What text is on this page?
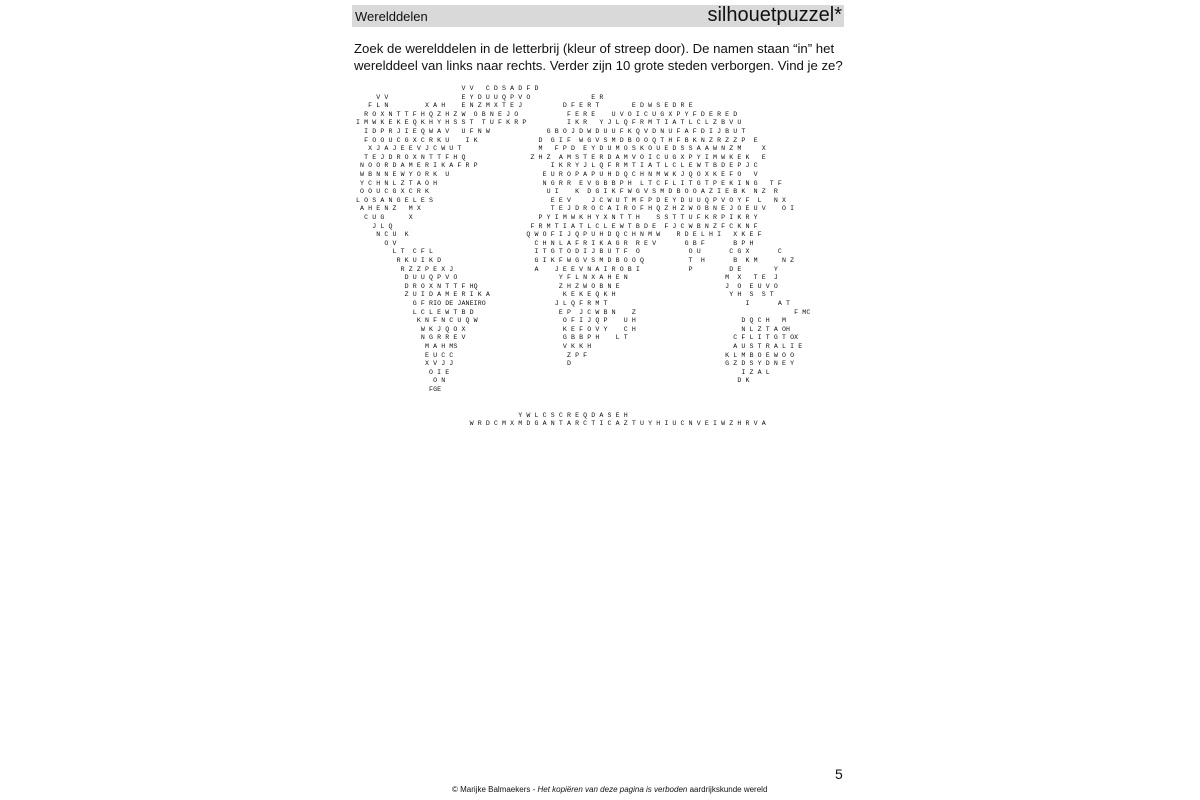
Werelddelen	silhouetpuzzel*

Zoek de werelddelen in de letterbrij (kleur of streep door). De namen staan “in” het

werelddeel van links naar rechts. Verder zijn 10 grote steden verborgen. Vind je ze?

V V   C D S A D F D
V V                  E Y D U U Q P V O               E R
F L N         X A H    E N Z M X T E J          D F E R T        E D W S E D R E
R O X N T T F H Q Z H Z W  O B N E J O            F E R E    U V O I C U G X P Y F D E R E D
I M W K E K E Q K H Y H S S T  T U F K R P          I K R   Y J L Q F R M T I A T L C L Z B V U
I D P R J I E Q W A V   U F N W              G B O J D W D U U F K Q V D N U F A F D I J B U T
F O O U C G X C R K U    I K               D  G I F  W G V S M D B O O Q T H F B K N Z R Z Z P  E
X J A J E E V J C W U T                   M   F P D  E Y D U M O S K O U E D S S A A W N Z M     X
T E J D R O X N T T F H Q                Z H Z  A M S T E R D A M V O I C U G X P Y I M W K E K   E
N O O R D A M E R I K A F R P                  I K R Y J L Q F R M T I A T L C L E W T B D E P J C
W B N N E W Y O R K  U                       E U R O P A P U H D Q C H N M W K J Q O X K E F O   V
Y C H N L Z T A O H                          N G R R  E V G B B P H  L T C F L I T G T P E K I N G   T F
O O U C G X C R K                             U I    K  D G I K F W G V S M D B O O A Z I E B K  N Z  R
L O S A N G E L E S                             E E V     J C W U T M F P D E Y D U U Q P V O Y F  L   N X
A H E N Z   M X                                T E J D R O C A I R O F H Q Z H Z W O B N E J O E U V    O I
C U G      X                               P Y I M W K H Y X N T T H    S S T T U F K R P I K R Y
J L Q                                  F R M T I A T L C L E W T B D E  F J C W B N Z F C K N F
N C U  K                             Q W O F I J Q P U H D Q C H N M W    R D E L H I   X K E F
O V                                  C H N L A F R I K A G R  R E V       G B F       B P H
L T  C F L                         I T G T O D I J B U T F  O            O U       C G X       C
R K U I K D                       G I K F W G V S M D B O O Q           T  H       B  K M      N Z
R Z Z P E X J                    A    J E E V N A I R O B I            P         D E        Y
D U U Q P V O                         Y F L N X A H E N                        M  X   T E  J
D R O X N T T F HQ                    Z H Z W O B N E                          J  O  E U V O
Z U I D A M E R I K A                  K E K E Q K H                            Y H  S  S T
G F RIO DE JANEIRO                 J L Q F R M T                                  I       A T
L C L E W T B D                     E P  J C W B N    Z                                       F MC
K N F N C U Q W                     O F I J Q P    U H                          D Q C H   M
W K J Q O X                        K E F O V Y    C H                          N L Z T A OH
N G R R E V                        G B B P H    L T                          C F L I T G T OX
M A H MS                          V K K H                                   A U S T R A L I E
E U C C                            Z P F                                  K L M B O E W O O
X V J J                            D                                      G Z D S Y D N E Y
O I E                                                                        I Z A L
O N                                                                        D K
FGE
Y W L C S C R E Q D A S E H
W R D C M X M D G A N T A R C T I C A Z T U Y H I U C N V E I W Z H R V A
5
© Marijke Balmaekers - Het kopiëren van deze pagina is verboden aardrijkskunde wereld
